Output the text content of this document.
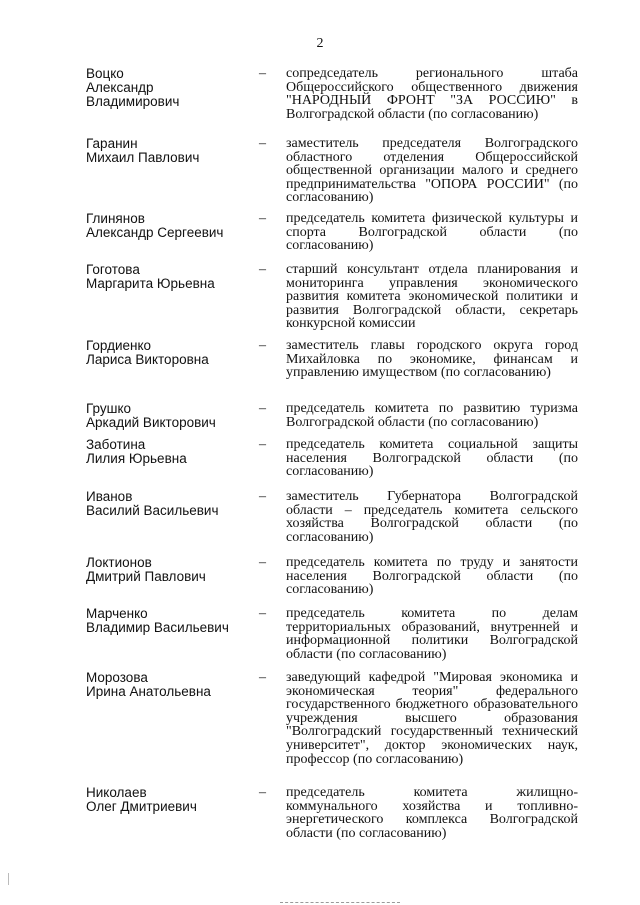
2
Воцко
Александр
Владимирович
– сопредседатель регионального штаба Общероссийского общественного движения "НАРОДНЫЙ ФРОНТ "ЗА РОССИЮ" в Волгоградской области (по согласованию)
Гаранин
Михаил Павлович
– заместитель председателя Волгоградского областного отделения Общероссийской общественной организации малого и среднего предпринимательства "ОПОРА РОССИИ" (по согласованию)
Глинянов
Александр Сергеевич
– председатель комитета физической культуры и спорта Волгоградской области (по согласованию)
Гоготова
Маргарита Юрьевна
– старший консультант отдела планирования и мониторинга управления экономического развития комитета экономической политики и развития Волгоградской области, секретарь конкурсной комиссии
Гордиенко
Лариса Викторовна
– заместитель главы городского округа город Михайловка по экономике, финансам и управлению имуществом (по согласованию)
Грушко
Аркадий Викторович
– председатель комитета по развитию туризма Волгоградской области (по согласованию)
Заботина
Лилия Юрьевна
– председатель комитета социальной защиты населения Волгоградской области (по согласованию)
Иванов
Василий Васильевич
– заместитель Губернатора Волгоградской области – председатель комитета сельского хозяйства Волгоградской области (по согласованию)
Локтионов
Дмитрий Павлович
– председатель комитета по труду и занятости населения Волгоградской области (по согласованию)
Марченко
Владимир Васильевич
– председатель комитета по делам территориальных образований, внутренней и информационной политики Волгоградской области (по согласованию)
Морозова
Ирина Анатольевна
– заведующий кафедрой "Мировая экономика и экономическая теория" федерального государственного бюджетного образовательного учреждения высшего образования "Волгоградский государственный технический университет", доктор экономических наук, профессор (по согласованию)
Николаев
Олег Дмитриевич
– председатель комитета жилищно-коммунального хозяйства и топливно-энергетического комплекса Волгоградской области (по согласованию)
